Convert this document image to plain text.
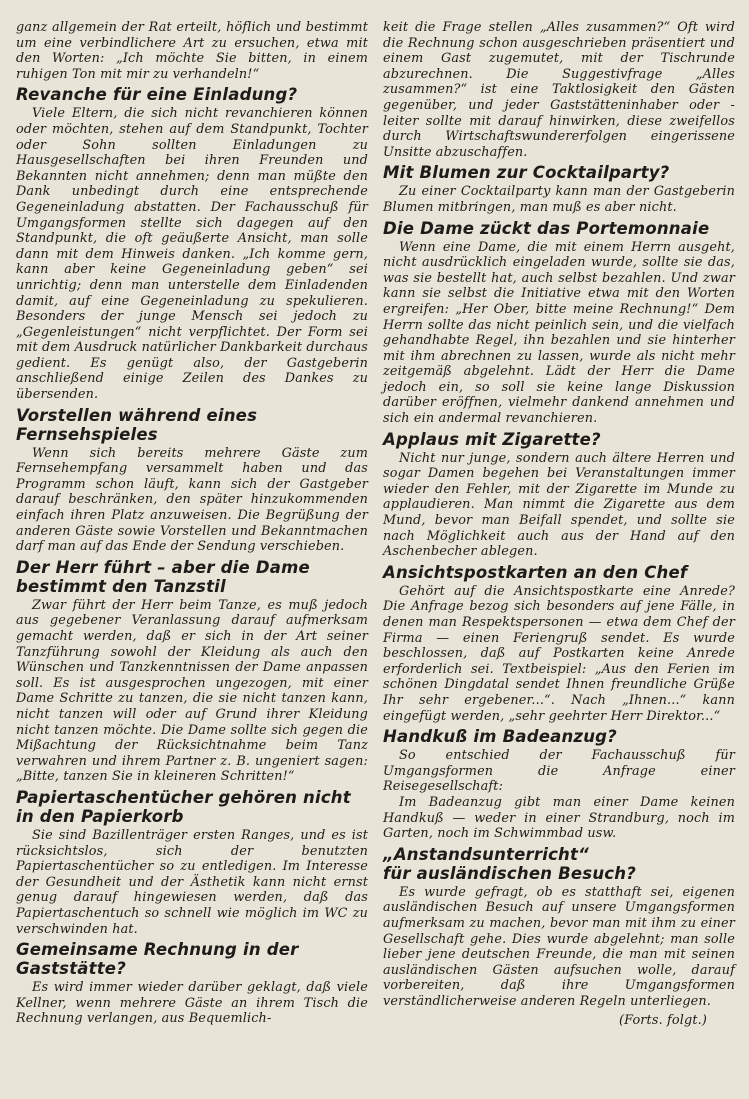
ganz allgemein der Rat erteilt, höflich und bestimmt um eine verbindlichere Art zu ersuchen, etwa mit den Worten: „Ich möchte Sie bitten, in einem ruhigen Ton mit mir zu verhandeln!“

Revanche für eine Einladung?

Viele Eltern, die sich nicht revanchieren können oder möchten, stehen auf dem Standpunkt, Tochter oder Sohn sollten Einladungen zu Hausgesellschaften bei ihren Freunden und Bekannten nicht annehmen; denn man müßte den Dank unbedingt durch eine entsprechende Gegeneinladung abstatten. Der Fachausschuß für Umgangsformen stellte sich dagegen auf den Standpunkt, die oft geäußerte Ansicht, man solle dann mit dem Hinweis danken. „Ich komme gern, kann aber keine Gegeneinladung geben“ sei unrichtig; denn man unterstelle dem Einladenden damit, auf eine Gegeneinladung zu spekulieren. Besonders der junge Mensch sei jedoch zu „Gegenleistungen“ nicht verpflichtet. Der Form sei mit dem Ausdruck natürlicher Dankbarkeit durchaus gedient. Es genügt also, der Gastgeberin anschließend einige Zeilen des Dankes zu übersenden.

Vorstellen während eines
Fernsehspieles

Wenn sich bereits mehrere Gäste zum Fernsehempfang versammelt haben und das Programm schon läuft, kann sich der Gastgeber darauf beschränken, den später hinzukommenden einfach ihren Platz anzuweisen. Die Begrüßung der anderen Gäste sowie Vorstellen und Bekanntmachen darf man auf das Ende der Sendung verschieben.

Der Herr führt – aber die Dame
bestimmt den Tanzstil

Zwar führt der Herr beim Tanze, es muß jedoch aus gegebener Veranlassung darauf aufmerksam gemacht werden, daß er sich in der Art seiner Tanzführung sowohl der Kleidung als auch den Wünschen und Tanzkenntnissen der Dame anpassen soll. Es ist ausgesprochen ungezogen, mit einer Dame Schritte zu tanzen, die sie nicht tanzen kann, nicht tanzen will oder auf Grund ihrer Kleidung nicht tanzen möchte. Die Dame sollte sich gegen die Mißachtung der Rücksichtnahme beim Tanz verwahren und ihrem Partner z. B. ungeniert sagen: „Bitte, tanzen Sie in kleineren Schritten!“

Papiertaschentücher gehören nicht
in den Papierkorb

Sie sind Bazillenträger ersten Ranges, und es ist rücksichtslos, sich der benutzten Papiertaschentücher so zu entledigen. Im Interesse der Gesundheit und der Ästhetik kann nicht ernst genug darauf hingewiesen werden, daß das Papiertaschentuch so schnell wie möglich im WC zu verschwinden hat.

Gemeinsame Rechnung in der
Gaststätte?

Es wird immer wieder darüber geklagt, daß viele Kellner, wenn mehrere Gäste an ihrem Tisch die Rechnung verlangen, aus Bequemlich-

keit die Frage stellen „Alles zusammen?“ Oft wird die Rechnung schon ausgeschrieben präsentiert und einem Gast zugemutet, mit der Tischrunde abzurechnen. Die Suggestivfrage „Alles zusammen?“ ist eine Taktlosigkeit den Gästen gegenüber, und jeder Gaststätteninhaber oder -leiter sollte mit darauf hinwirken, diese zweifellos durch Wirtschaftswundererfolgen eingerissene Unsitte abzuschaffen.

Mit Blumen zur Cocktailparty?

Zu einer Cocktailparty kann man der Gastgeberin Blumen mitbringen, man muß es aber nicht.

Die Dame zückt das Portemonnaie

Wenn eine Dame, die mit einem Herrn ausgeht, nicht ausdrücklich eingeladen wurde, sollte sie das, was sie bestellt hat, auch selbst bezahlen. Und zwar kann sie selbst die Initiative etwa mit den Worten ergreifen: „Her Ober, bitte meine Rechnung!“ Dem Herrn sollte das nicht peinlich sein, und die vielfach gehandhabte Regel, ihn bezahlen und sie hinterher mit ihm abrechnen zu lassen, wurde als nicht mehr zeitgemäß abgelehnt. Lädt der Herr die Dame jedoch ein, so soll sie keine lange Diskussion darüber eröffnen, vielmehr dankend annehmen und sich ein andermal revanchieren.

Applaus mit Zigarette?

Nicht nur junge, sondern auch ältere Herren und sogar Damen begehen bei Veranstaltungen immer wieder den Fehler, mit der Zigarette im Munde zu applaudieren. Man nimmt die Zigarette aus dem Mund, bevor man Beifall spendet, und sollte sie nach Möglichkeit auch aus der Hand auf den Aschenbecher ablegen.

Ansichtspostkarten an den Chef

Gehört auf die Ansichtspostkarte eine Anrede? Die Anfrage bezog sich besonders auf jene Fälle, in denen man Respektspersonen — etwa dem Chef der Firma — einen Feriengruß sendet. Es wurde beschlossen, daß auf Postkarten keine Anrede erforderlich sei. Textbeispiel: „Aus den Ferien im schönen Dingdatal sendet Ihnen freundliche Grüße Ihr sehr ergebener...“. Nach „Ihnen...“ kann eingefügt werden, „sehr geehrter Herr Direktor...“

Handkuß im Badeanzug?

So entschied der Fachausschuß für Umgangsformen die Anfrage einer Reisegesellschaft:

Im Badeanzug gibt man einer Dame keinen Handkuß — weder in einer Strandburg, noch im Garten, noch im Schwimmbad usw.

„Anstandsunterricht“
für ausländischen Besuch?

Es wurde gefragt, ob es statthaft sei, eigenen ausländischen Besuch auf unsere Umgangsformen aufmerksam zu machen, bevor man mit ihm zu einer Gesellschaft gehe. Dies wurde abgelehnt; man solle lieber jene deutschen Freunde, die man mit seinen ausländischen Gästen aufsuchen wolle, darauf vorbereiten, daß ihre Umgangsformen verständlicherweise anderen Regeln unterliegen.

(Forts. folgt.)
